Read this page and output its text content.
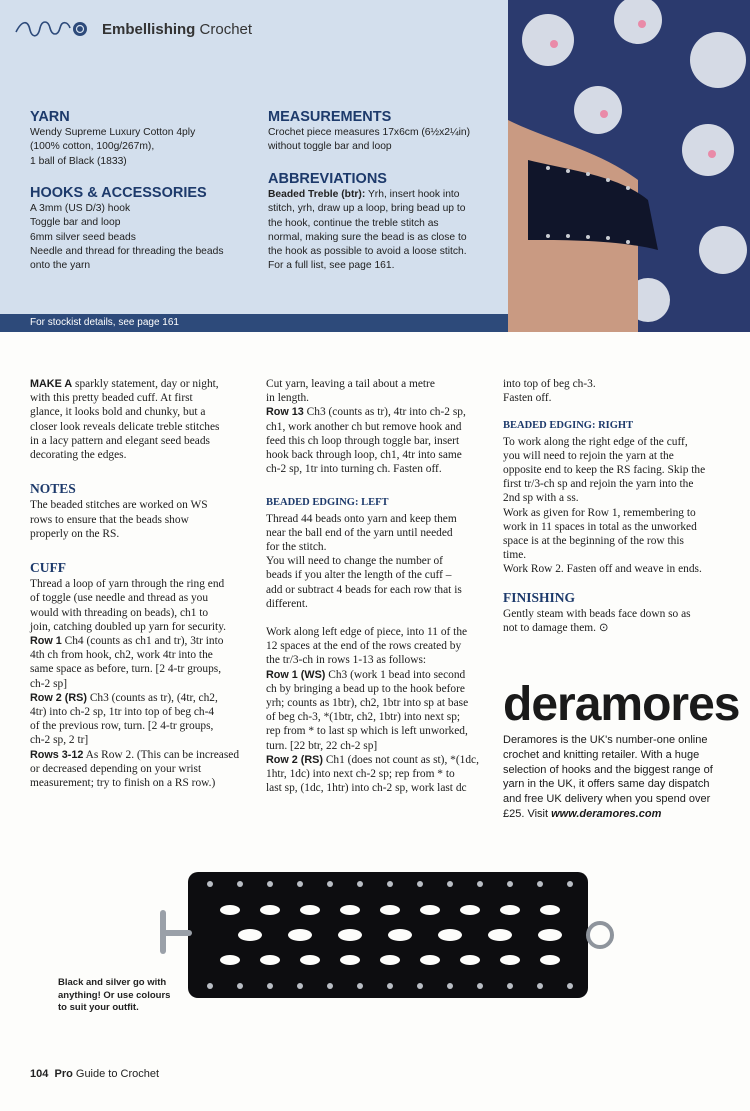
Embellishing Crochet
YARN

Wendy Supreme Luxury Cotton 4ply

(100% cotton, 100g/267m),

1 ball of Black (1833)

HOOKS & ACCESSORIES

A 3mm (US D/3) hook

Toggle bar and loop

6mm silver seed beads

Needle and thread for threading the beads

onto the yarn

MEASUREMENTS

Crochet piece measures 17x6cm (6½x2¼in)

without toggle bar and loop

ABBREVIATIONS

Beaded Treble (btr): Yrh, insert hook into

stitch, yrh, draw up a loop, bring bead up to

the hook, continue the treble stitch as

normal, making sure the bead is as close to

the hook as possible to avoid a loose stitch.

For a full list, see page 161.

For stockist details, see page 161

MAKE A sparkly statement, day or night,

with this pretty beaded cuff. At first

glance, it looks bold and chunky, but a

closer look reveals delicate treble stitches

in a lacy pattern and elegant seed beads

decorating the edges.

NOTES

The beaded stitches are worked on WS

rows to ensure that the beads show

properly on the RS.

CUFF

Thread a loop of yarn through the ring end

of toggle (use needle and thread as you

would with threading on beads), ch1 to

join, catching doubled up yarn for security.

Row 1 Ch4 (counts as ch1 and tr), 3tr into

4th ch from hook, ch2, work 4tr into the

same space as before, turn. [2 4-tr groups,

ch-2 sp]

Row 2 (RS) Ch3 (counts as tr), (4tr, ch2,

4tr) into ch-2 sp, 1tr into top of beg ch-4

of the previous row, turn. [2 4-tr groups,

ch-2 sp, 2 tr]

Rows 3-12 As Row 2. (This can be increased

or decreased depending on your wrist

measurement; try to finish on a RS row.)

Cut yarn, leaving a tail about a metre

in length.

Row 13 Ch3 (counts as tr), 4tr into ch-2 sp,

ch1, work another ch but remove hook and

feed this ch loop through toggle bar, insert

hook back through loop, ch1, 4tr into same

ch-2 sp, 1tr into turning ch. Fasten off.

BEADED EDGING: LEFT

Thread 44 beads onto yarn and keep them

near the ball end of the yarn until needed

for the stitch.

You will need to change the number of

beads if you alter the length of the cuff –

add or subtract 4 beads for each row that is

different.

Work along left edge of piece, into 11 of the

12 spaces at the end of the rows created by

the tr/3-ch in rows 1-13 as follows:

Row 1 (WS) Ch3 (work 1 bead into second

ch by bringing a bead up to the hook before

yrh; counts as 1btr), ch2, 1btr into sp at base

of beg ch-3, *(1btr, ch2, 1btr) into next sp;

rep from * to last sp which is left unworked,

turn. [22 btr, 22 ch-2 sp]

Row 2 (RS) Ch1 (does not count as st), *(1dc,

1htr, 1dc) into next ch-2 sp; rep from * to

last sp, (1dc, 1htr) into ch-2 sp, work last dc

into top of beg ch-3.

Fasten off.

BEADED EDGING: RIGHT

To work along the right edge of the cuff,

you will need to rejoin the yarn at the

opposite end to keep the RS facing. Skip the

first tr/3-ch sp and rejoin the yarn into the

2nd sp with a ss.

Work as given for Row 1, remembering to

work in 11 spaces in total as the unworked

space is at the beginning of the row this

time.

Work Row 2. Fasten off and weave in ends.

FINISHING

Gently steam with beads face down so as

not to damage them. ⊙

deramores
Deramores is the UK's number-one online
crochet and knitting retailer. With a huge
selection of hooks and the biggest range of
yarn in the UK, it offers same day dispatch
and free UK delivery when you spend over
£25. Visit www.deramores.com
Black and silver go with
anything! Or use colours
to suit your outfit.
104 Pro Guide to Crochet
